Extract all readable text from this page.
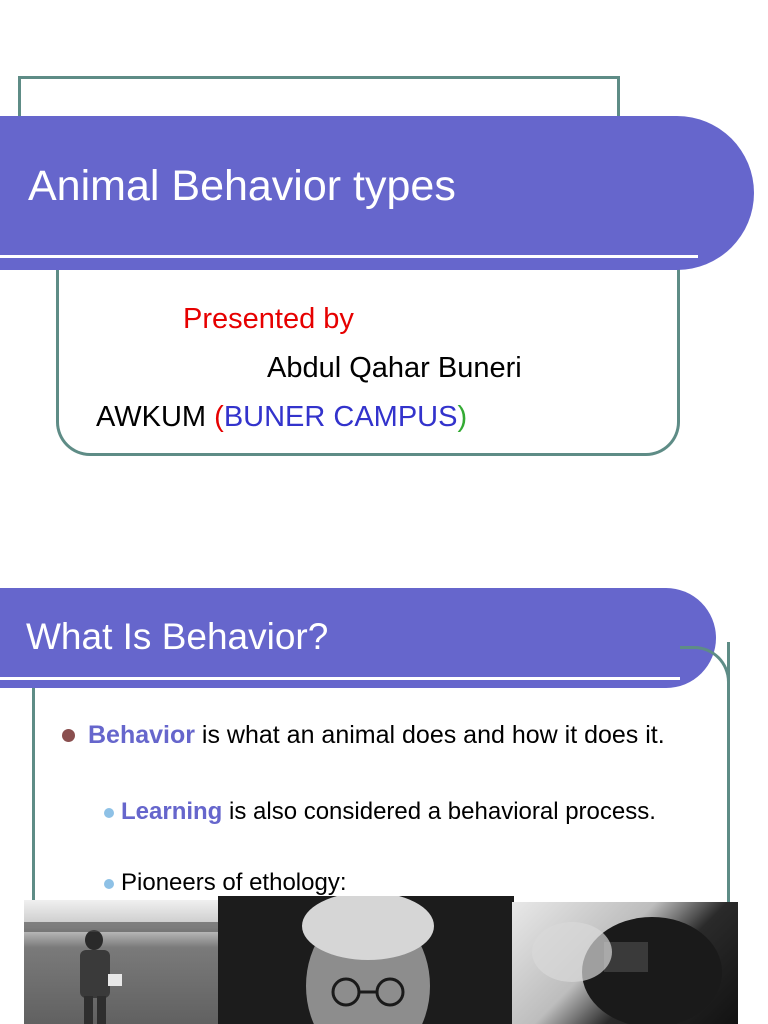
Animal Behavior types
Presented by
Abdul Qahar Buneri
AWKUM (BUNER CAMPUS)
What Is Behavior?
Behavior is what an animal does and how it does it.
Learning is also considered a behavioral process.
Pioneers of ethology:
